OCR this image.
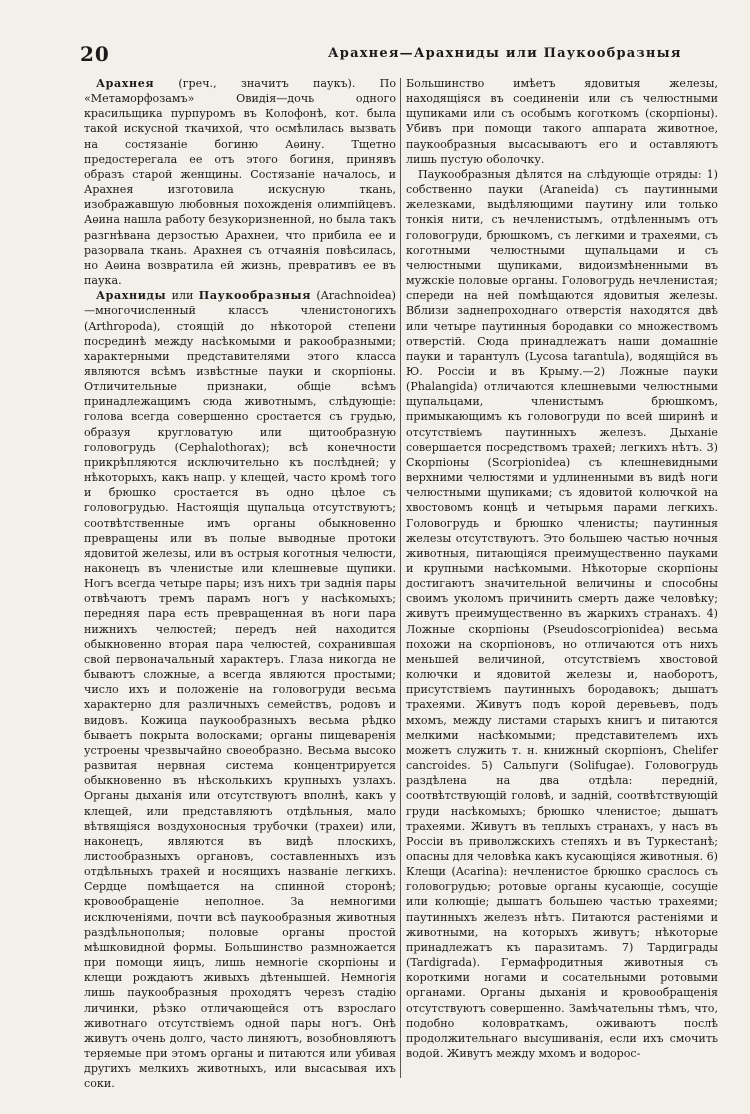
20	Арахнея—Арахниды или Паукообразныя

Арахнея (греч., значитъ паукъ). По «Метаморфозамъ» Овидія—дочь одного красильщика пурпуромъ въ Колофонѣ, кот. была такой искусной ткачихой, что осмѣлилась вызвать на состязаніе богиню Аѳину. Тщетно предостерегала ее отъ этого богиня, принявъ образъ старой женщины. Состязаніе началось, и Арахнея изготовила искусную ткань, изображавшую любовныя похожденія олимпійцевъ. Аѳина нашла работу безукоризненной, но была такъ разгнѣвана дерзостью Арахнеи, что прибила ее и разорвала ткань. Арахнея съ отчаянія повѣсилась, но Аѳина возвратила ей жизнь, превративъ ее въ паука.

Арахниды или Паукообразныя (Arachnoidea)—многочисленный классъ членистоногихъ (Arthropoda), стоящій до нѣкоторой степени посрединѣ между насѣкомыми и ракообразными; характерными представителями этого класса являются всѣмъ извѣстные пауки и скорпіоны. Отличительные признаки, общіе всѣмъ принадлежащимъ сюда животнымъ, слѣдующіе: голова всегда совершенно сростается съ грудью, образуя кругловатую или щитообразную головогрудь (Cephalothorax); всѣ конечности прикрѣпляются исключительно къ послѣдней; у нѣкоторыхъ, какъ напр. у клещей, часто кромѣ того и брюшко сростается въ одно цѣлое съ головогрудью. Настоящія щупальца отсутствуютъ; соотвѣтственные имъ органы обыкновенно превращены или въ полые выводные протоки ядовитой железы, или въ острыя коготныя челюсти, наконецъ въ членистые или клешневые щупики. Ногъ всегда четыре пары; изъ нихъ три заднія пары отвѣчаютъ тремъ парамъ ногъ у насѣкомыхъ; передняя пара есть превращенная въ ноги пара нижнихъ челюстей; передъ ней находится обыкновенно вторая пара челюстей, сохранившая свой первоначальный характеръ. Глаза никогда не бываютъ сложные, а всегда являются простыми; число ихъ и положеніе на головогруди весьма характерно для различныхъ семействъ, родовъ и видовъ. Кожица паукообразныхъ весьма рѣдко бываетъ покрыта волосками; органы пищеваренія устроены чрезвычайно своеобразно. Весьма высоко развитая нервная система концентрируется обыкновенно въ нѣсколькихъ крупныхъ узлахъ. Органы дыханія или отсутствуютъ вполнѣ, какъ у клещей, или представляютъ отдѣльныя, мало вѣтвящіяся воздухоносныя трубочки (трахеи) или, наконецъ, являются въ видѣ плоскихъ, листообразныхъ органовъ, составленныхъ изъ отдѣльныхъ трахей и носящихъ названіе легкихъ. Сердце помѣщается на спинной сторонѣ; кровообращеніе неполное. За немногими исключеніями, почти всѣ паукообразныя животныя раздѣльнополыя; половые органы простой мѣшковидной формы. Большинство размножается при помощи яицъ, лишь немногіе скорпіоны и клещи рождаютъ живыхъ дѣтенышей. Немногія лишь паукообразныя проходятъ черезъ стадію личинки, рѣзко отличающейся отъ взрослаго животнаго отсутствіемъ одной пары ногъ. Онѣ живутъ очень долго, часто линяютъ, возобновляютъ теряемые при этомъ органы и питаются или убивая другихъ мелкихъ животныхъ, или высасывая ихъ соки.

Большинство имѣетъ ядовитыя железы, находящіяся въ соединеніи или съ челюстными щупиками или съ особымъ коготкомъ (скорпіоны). Убивъ при помощи такого аппарата животное, паукообразныя высасываютъ его и оставляютъ лишь пустую оболочку.

Паукообразныя дѣлятся на слѣдующіе отряды: 1) собственно пауки (Araneida) съ паутинными железками, выдѣляющими паутину или только тонкія нити, съ нечленистымъ, отдѣленнымъ отъ головогруди, брюшкомъ, съ легкими и трахеями, съ коготными челюстными щупальцами и съ челюстными щупиками, видоизмѣненными въ мужскіе половые органы. Головогрудь нечленистая; спереди на ней помѣщаются ядовитыя железы. Вблизи заднепроходнаго отверстія находятся двѣ или четыре паутинныя бородавки со множествомъ отверстій. Сюда принадлежатъ наши домашніе пауки и тарантулъ (Lycosa tarantula), водящійся въ Ю. Россіи и въ Крыму.—2) Ложные пауки (Phalangida) отличаются клешневыми челюстными щупальцами, членистымъ брюшкомъ, примыкающимъ къ головогруди по всей ширинѣ и отсутствіемъ паутинныхъ железъ. Дыханіе совершается посредствомъ трахей; легкихъ нѣтъ. 3) Скорпіоны (Scorpionidea) съ клешневидными верхними челюстями и удлиненными въ видѣ ноги челюстными щупиками; съ ядовитой колючкой на хвостовомъ концѣ и четырьмя парами легкихъ. Головогрудь и брюшко членисты; паутинныя железы отсутствуютъ. Это большею частью ночныя животныя, питающіяся преимущественно пауками и крупными насѣкомыми. Нѣкоторые скорпіоны достигаютъ значительной величины и способны своимъ уколомъ причинить смерть даже человѣку; живутъ преимущественно въ жаркихъ странахъ. 4) Ложные скорпіоны (Pseudoscorpionidea) весьма похожи на скорпіоновъ, но отличаются отъ нихъ меньшей величиной, отсутствіемъ хвостовой колючки и ядовитой железы и, наоборотъ, присутствіемъ паутинныхъ бородавокъ; дышатъ трахеями. Живутъ подъ корой деревьевъ, подъ мхомъ, между листами старыхъ книгъ и питаются мелкими насѣкомыми; представителемъ ихъ можетъ служить т. н. книжный скорпіонъ, Chelifer cancroides. 5) Сальпуги (Solifugae). Головогрудь раздѣлена на два отдѣла: передній, соотвѣтствующій головѣ, и задній, соотвѣтствующій груди насѣкомыхъ; брюшко членистое; дышатъ трахеями. Живутъ въ теплыхъ странахъ, у насъ въ Россіи въ приволжскихъ степяхъ и въ Туркестанѣ; опасны для человѣка какъ кусающіяся животныя. 6) Клещи (Acarina): нечленистое брюшко сраслось съ головогрудью; ротовые органы кусающіе, сосущіе или колющіе; дышатъ большею частью трахеями; паутинныхъ железъ нѣтъ. Питаются растеніями и животными, на которыхъ живутъ; нѣкоторые принадлежатъ къ паразитамъ. 7) Тардиграды (Tardigrada). Гермафродитныя животныя съ короткими ногами и сосательными ротовыми органами. Органы дыханія и кровообращенія отсутствуютъ совершенно. Замѣчательны тѣмъ, что, подобно коловраткамъ, оживаютъ послѣ продолжительнаго высушиванія, если ихъ смочить водой. Живутъ между мхомъ и водорос-
